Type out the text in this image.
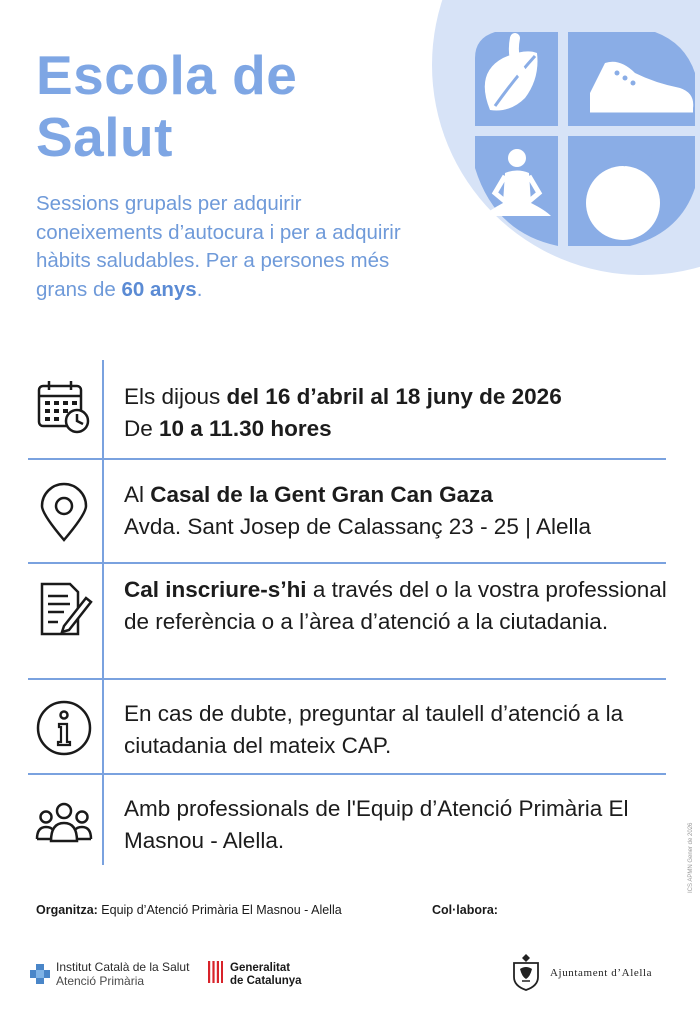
Escola de
Salut
Sessions grupals per adquirir coneixements d’autocura i per a adquirir hàbits saludables. Per a persones més grans de 60 anys.
Els dijous del 16 d’abril al 18 juny de 2026
De 10 a 11.30 hores
Al Casal de la Gent Gran Can Gaza
Avda. Sant Josep de Calassanç 23 - 25 | Alella
Cal inscriure-s’hi a través del o la vostra professional de referència o a l’àrea d’atenció a la ciutadania.
En cas de dubte, preguntar al taulell d’atenció a la ciutadania del mateix CAP.
Amb professionals de l'Equip d’Atenció Primària El Masnou - Alella.	ICS APMN Gener de 2026
Organitza: Equip d’Atenció Primària El Masnou - Alella	Col·labora:
Institut Català de la Salut
Atenció Primària
Generalitat
de Catalunya
Ajuntament d’Alella
